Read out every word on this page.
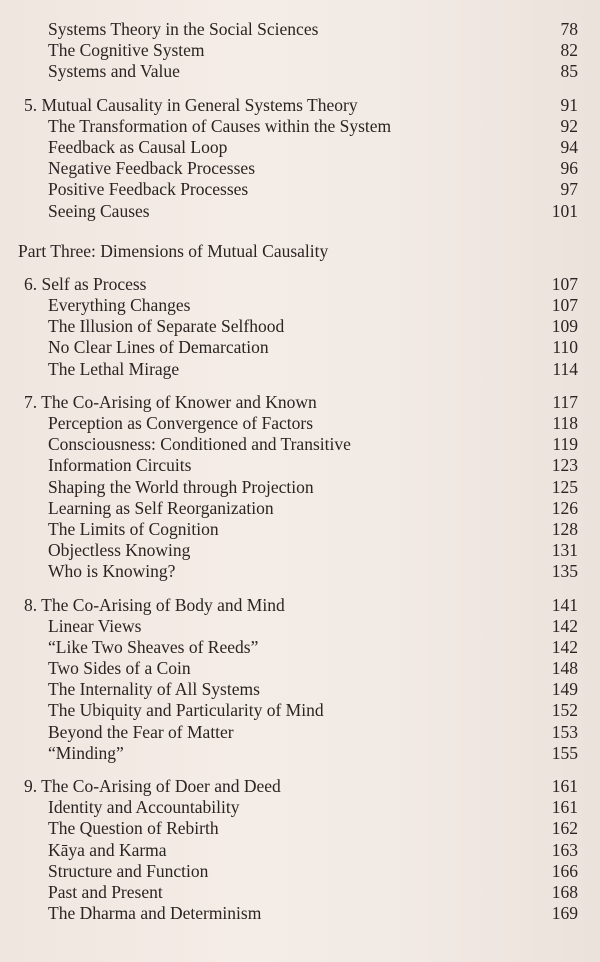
Systems Theory in the Social Sciences	78
The Cognitive System	82
Systems and Value	85
5. Mutual Causality in General Systems Theory	91
The Transformation of Causes within the System	92
Feedback as Causal Loop	94
Negative Feedback Processes	96
Positive Feedback Processes	97
Seeing Causes	101
Part Three: Dimensions of Mutual Causality
6. Self as Process	107
Everything Changes	107
The Illusion of Separate Selfhood	109
No Clear Lines of Demarcation	110
The Lethal Mirage	114
7. The Co-Arising of Knower and Known	117
Perception as Convergence of Factors	118
Consciousness: Conditioned and Transitive	119
Information Circuits	123
Shaping the World through Projection	125
Learning as Self Reorganization	126
The Limits of Cognition	128
Objectless Knowing	131
Who is Knowing?	135
8. The Co-Arising of Body and Mind	141
Linear Views	142
“Like Two Sheaves of Reeds”	142
Two Sides of a Coin	148
The Internality of All Systems	149
The Ubiquity and Particularity of Mind	152
Beyond the Fear of Matter	153
“Minding”	155
9. The Co-Arising of Doer and Deed	161
Identity and Accountability	161
The Question of Rebirth	162
Kāya and Karma	163
Structure and Function	166
Past and Present	168
The Dharma and Determinism	169
